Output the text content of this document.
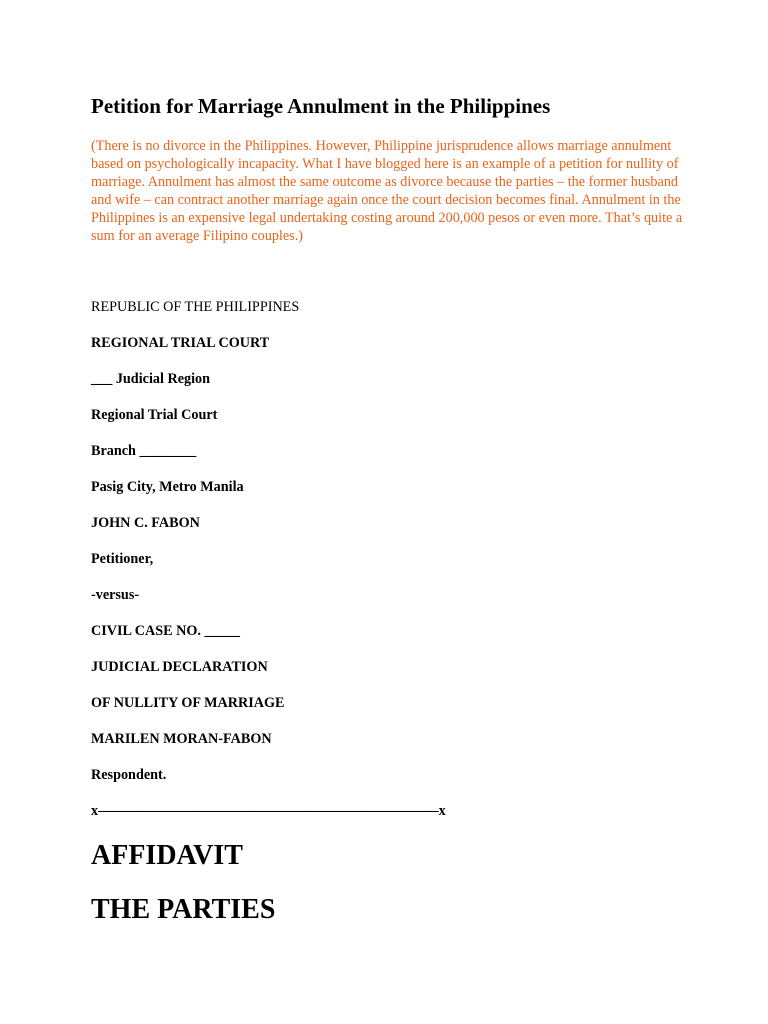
Petition for Marriage Annulment in the Philippines

(There is no divorce in the Philippines. However, Philippine jurisprudence allows marriage annulment based on psychologically incapacity. What I have blogged here is an example of a petition for nullity of marriage. Annulment has almost the same outcome as divorce because the parties – the former husband and wife – can contract another marriage again once the court decision becomes final. Annulment in the Philippines is an expensive legal undertaking costing around 200,000 pesos or even more. That’s quite a sum for an average Filipino couples.)

REPUBLIC OF THE PHILIPPINES

REGIONAL TRIAL COURT

___ Judicial Region

Regional Trial Court

Branch ________

Pasig City, Metro Manila

JOHN C. FABON

Petitioner,

-versus-

CIVIL CASE NO. _____

JUDICIAL DECLARATION

OF NULLITY OF MARRIAGE

MARILEN MORAN-FABON

Respondent.

x————————————————————————x

AFFIDAVIT
THE PARTIES
